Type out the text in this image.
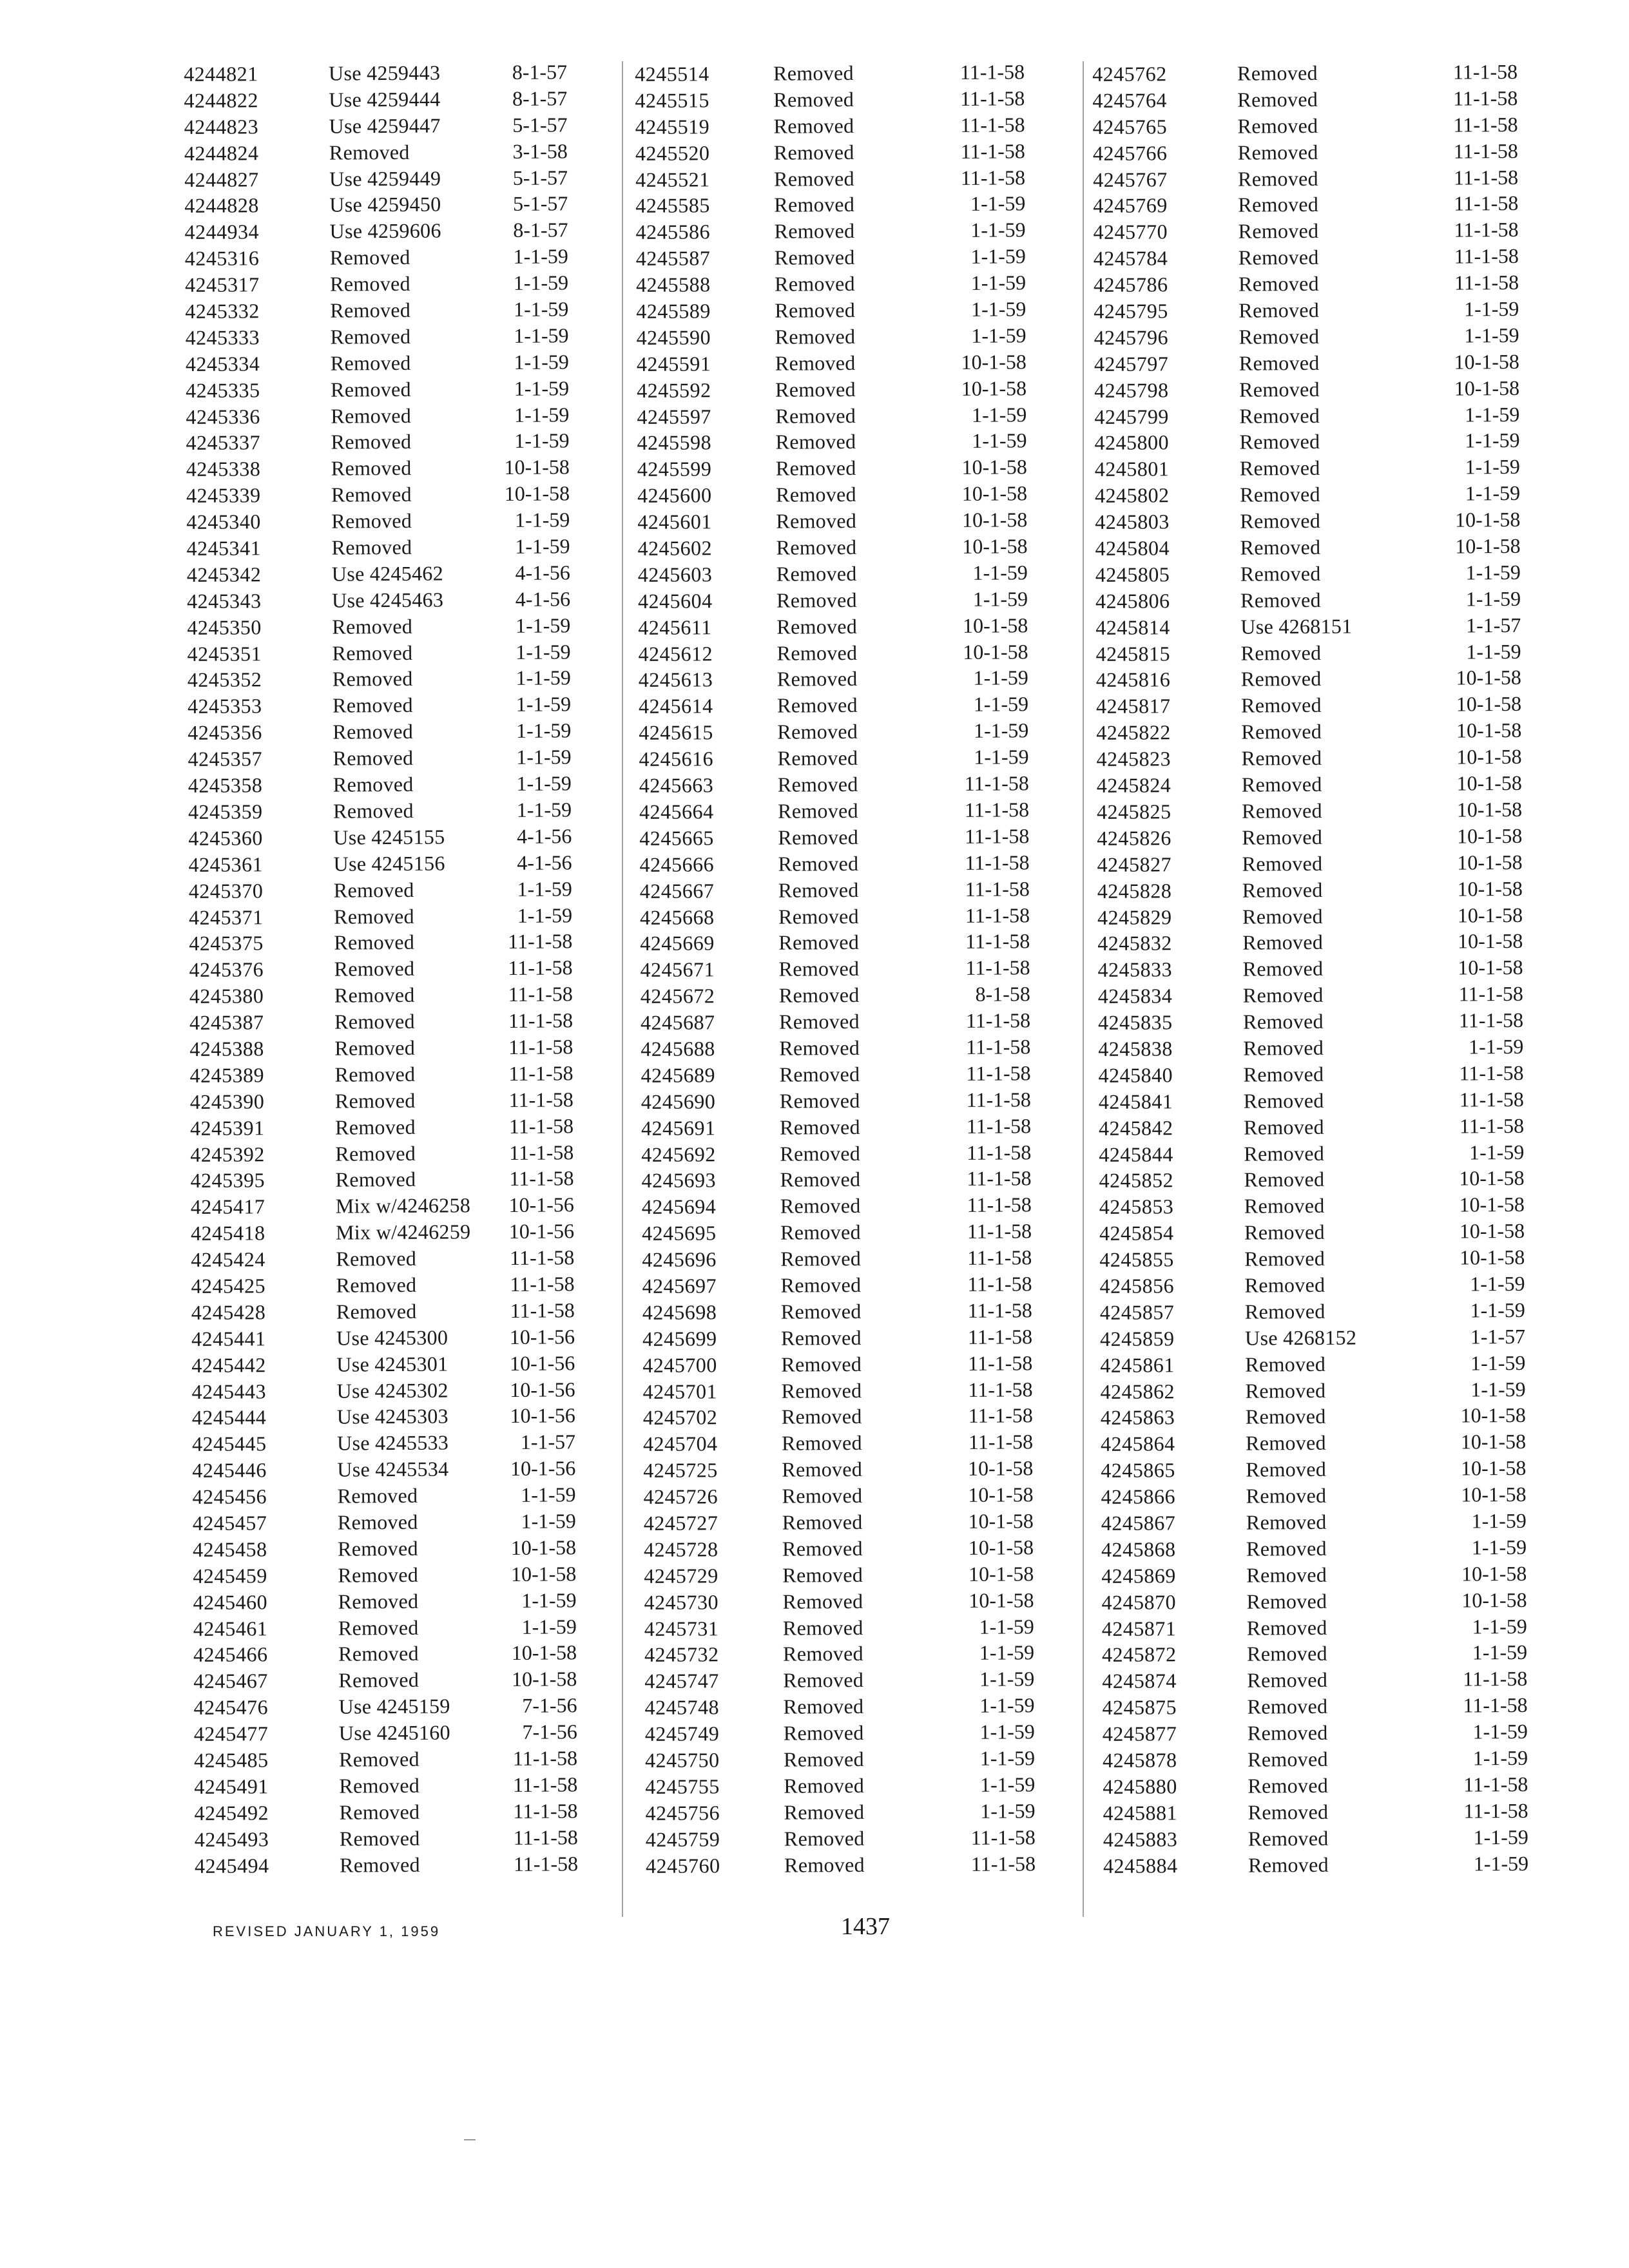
4244821	Use 4259443	8-1-57
4244822	Use 4259444	8-1-57
4244823	Use 4259447	5-1-57
4244824	Removed	3-1-58
4244827	Use 4259449	5-1-57
4244828	Use 4259450	5-1-57
4244934	Use 4259606	8-1-57
4245316	Removed	1-1-59
4245317	Removed	1-1-59
4245332	Removed	1-1-59
4245333	Removed	1-1-59
4245334	Removed	1-1-59
4245335	Removed	1-1-59
4245336	Removed	1-1-59
4245337	Removed	1-1-59
4245338	Removed	10-1-58
4245339	Removed	10-1-58
4245340	Removed	1-1-59
4245341	Removed	1-1-59
4245342	Use 4245462	4-1-56
4245343	Use 4245463	4-1-56
4245350	Removed	1-1-59
4245351	Removed	1-1-59
4245352	Removed	1-1-59
4245353	Removed	1-1-59
4245356	Removed	1-1-59
4245357	Removed	1-1-59
4245358	Removed	1-1-59
4245359	Removed	1-1-59
4245360	Use 4245155	4-1-56
4245361	Use 4245156	4-1-56
4245370	Removed	1-1-59
4245371	Removed	1-1-59
4245375	Removed	11-1-58
4245376	Removed	11-1-58
4245380	Removed	11-1-58
4245387	Removed	11-1-58
4245388	Removed	11-1-58
4245389	Removed	11-1-58
4245390	Removed	11-1-58
4245391	Removed	11-1-58
4245392	Removed	11-1-58
4245395	Removed	11-1-58
4245417	Mix w/4246258	10-1-56
4245418	Mix w/4246259	10-1-56
4245424	Removed	11-1-58
4245425	Removed	11-1-58
4245428	Removed	11-1-58
4245441	Use 4245300	10-1-56
4245442	Use 4245301	10-1-56
4245443	Use 4245302	10-1-56
4245444	Use 4245303	10-1-56
4245445	Use 4245533	1-1-57
4245446	Use 4245534	10-1-56
4245456	Removed	1-1-59
4245457	Removed	1-1-59
4245458	Removed	10-1-58
4245459	Removed	10-1-58
4245460	Removed	1-1-59
4245461	Removed	1-1-59
4245466	Removed	10-1-58
4245467	Removed	10-1-58
4245476	Use 4245159	7-1-56
4245477	Use 4245160	7-1-56
4245485	Removed	11-1-58
4245491	Removed	11-1-58
4245492	Removed	11-1-58
4245493	Removed	11-1-58
4245494	Removed	11-1-58
4245514	Removed	11-1-58
4245515	Removed	11-1-58
4245519	Removed	11-1-58
4245520	Removed	11-1-58
4245521	Removed	11-1-58
4245585	Removed	1-1-59
4245586	Removed	1-1-59
4245587	Removed	1-1-59
4245588	Removed	1-1-59
4245589	Removed	1-1-59
4245590	Removed	1-1-59
4245591	Removed	10-1-58
4245592	Removed	10-1-58
4245597	Removed	1-1-59
4245598	Removed	1-1-59
4245599	Removed	10-1-58
4245600	Removed	10-1-58
4245601	Removed	10-1-58
4245602	Removed	10-1-58
4245603	Removed	1-1-59
4245604	Removed	1-1-59
4245611	Removed	10-1-58
4245612	Removed	10-1-58
4245613	Removed	1-1-59
4245614	Removed	1-1-59
4245615	Removed	1-1-59
4245616	Removed	1-1-59
4245663	Removed	11-1-58
4245664	Removed	11-1-58
4245665	Removed	11-1-58
4245666	Removed	11-1-58
4245667	Removed	11-1-58
4245668	Removed	11-1-58
4245669	Removed	11-1-58
4245671	Removed	11-1-58
4245672	Removed	8-1-58
4245687	Removed	11-1-58
4245688	Removed	11-1-58
4245689	Removed	11-1-58
4245690	Removed	11-1-58
4245691	Removed	11-1-58
4245692	Removed	11-1-58
4245693	Removed	11-1-58
4245694	Removed	11-1-58
4245695	Removed	11-1-58
4245696	Removed	11-1-58
4245697	Removed	11-1-58
4245698	Removed	11-1-58
4245699	Removed	11-1-58
4245700	Removed	11-1-58
4245701	Removed	11-1-58
4245702	Removed	11-1-58
4245704	Removed	11-1-58
4245725	Removed	10-1-58
4245726	Removed	10-1-58
4245727	Removed	10-1-58
4245728	Removed	10-1-58
4245729	Removed	10-1-58
4245730	Removed	10-1-58
4245731	Removed	1-1-59
4245732	Removed	1-1-59
4245747	Removed	1-1-59
4245748	Removed	1-1-59
4245749	Removed	1-1-59
4245750	Removed	1-1-59
4245755	Removed	1-1-59
4245756	Removed	1-1-59
4245759	Removed	11-1-58
4245760	Removed	11-1-58
4245762	Removed	11-1-58
4245764	Removed	11-1-58
4245765	Removed	11-1-58
4245766	Removed	11-1-58
4245767	Removed	11-1-58
4245769	Removed	11-1-58
4245770	Removed	11-1-58
4245784	Removed	11-1-58
4245786	Removed	11-1-58
4245795	Removed	1-1-59
4245796	Removed	1-1-59
4245797	Removed	10-1-58
4245798	Removed	10-1-58
4245799	Removed	1-1-59
4245800	Removed	1-1-59
4245801	Removed	1-1-59
4245802	Removed	1-1-59
4245803	Removed	10-1-58
4245804	Removed	10-1-58
4245805	Removed	1-1-59
4245806	Removed	1-1-59
4245814	Use 4268151	1-1-57
4245815	Removed	1-1-59
4245816	Removed	10-1-58
4245817	Removed	10-1-58
4245822	Removed	10-1-58
4245823	Removed	10-1-58
4245824	Removed	10-1-58
4245825	Removed	10-1-58
4245826	Removed	10-1-58
4245827	Removed	10-1-58
4245828	Removed	10-1-58
4245829	Removed	10-1-58
4245832	Removed	10-1-58
4245833	Removed	10-1-58
4245834	Removed	11-1-58
4245835	Removed	11-1-58
4245838	Removed	1-1-59
4245840	Removed	11-1-58
4245841	Removed	11-1-58
4245842	Removed	11-1-58
4245844	Removed	1-1-59
4245852	Removed	10-1-58
4245853	Removed	10-1-58
4245854	Removed	10-1-58
4245855	Removed	10-1-58
4245856	Removed	1-1-59
4245857	Removed	1-1-59
4245859	Use 4268152	1-1-57
4245861	Removed	1-1-59
4245862	Removed	1-1-59
4245863	Removed	10-1-58
4245864	Removed	10-1-58
4245865	Removed	10-1-58
4245866	Removed	10-1-58
4245867	Removed	1-1-59
4245868	Removed	1-1-59
4245869	Removed	10-1-58
4245870	Removed	10-1-58
4245871	Removed	1-1-59
4245872	Removed	1-1-59
4245874	Removed	11-1-58
4245875	Removed	11-1-58
4245877	Removed	1-1-59
4245878	Removed	1-1-59
4245880	Removed	11-1-58
4245881	Removed	11-1-58
4245883	Removed	1-1-59
4245884	Removed	1-1-59
REVISED JANUARY 1, 1959	1437
